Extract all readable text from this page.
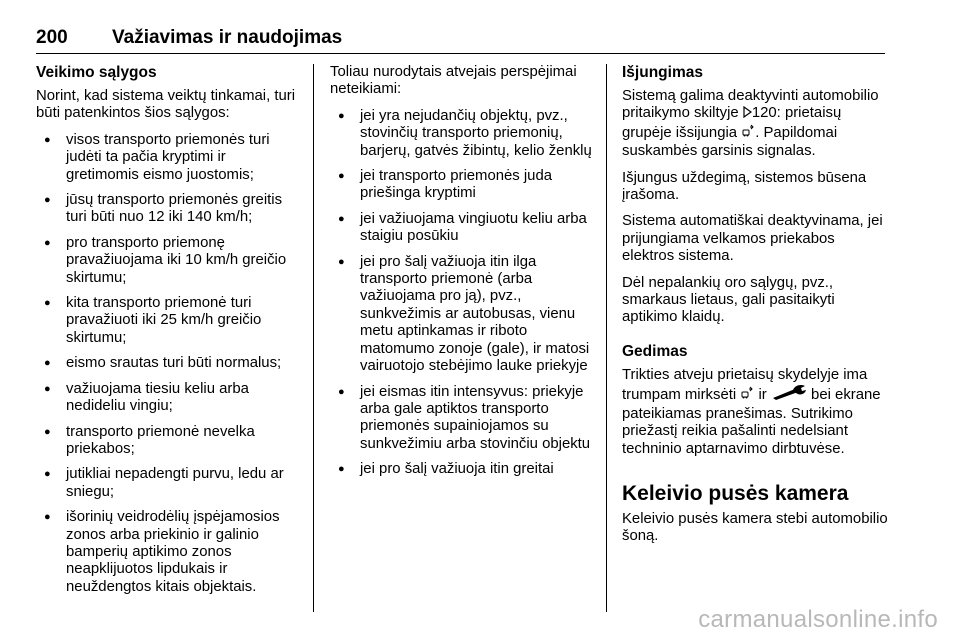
200 Važiavimas ir naudojimas
Veikimo sąlygos

Norint, kad sistema veiktų tinkamai, turi būti patenkintos šios sąlygos:

● visos transporto priemonės turi judėti ta pačia kryptimi ir gretimomis eismo juostomis;
● jūsų transporto priemonės greitis turi būti nuo 12 iki 140 km/h;
● pro transporto priemonę pravažiuojama iki 10 km/h greičio skirtumu;
● kita transporto priemonė turi pravažiuoti iki 25 km/h greičio skirtumu;
● eismo srautas turi būti normalus;
● važiuojama tiesiu keliu arba nedideliu vingiu;
● transporto priemonė nevelka priekabos;
● jutikliai nepadengti purvu, ledu ar sniegu;
● išorinių veidrodėlių įspėjamosios zonos arba priekinio ir galinio bamperių aptikimo zonos neapklijuotos lipdukais ir neuždengtos kitais objektais.

Toliau nurodytais atvejais perspėjimai neteikiami:

● jei yra nejudančių objektų, pvz., stovinčių transporto priemonių, barjerų, gatvės žibintų, kelio ženklų
● jei transporto priemonės juda priešinga kryptimi
● jei važiuojama vingiuotu keliu arba staigiu posūkiu
● jei pro šalį važiuoja itin ilga transporto priemonė (arba važiuojama pro ją), pvz., sunkvežimis ar autobusas, vienu metu aptinkamas ir riboto matomumo zonoje (gale), ir matosi vairuotojo stebėjimo lauke priekyje
● jei eismas itin intensyvus: priekyje arba gale aptiktos transporto priemonės supainiojamos su sunkvežimiu arba stovinčiu objektu
● jei pro šalį važiuoja itin greitai
Išjungimas

Sistemą galima deaktyvinti automobilio pritaikymo skiltyje 120: prietaisų grupėje išsijungia . Papildomai suskambės garsinis signalas.

Išjungus uždegimą, sistemos būsena įrašoma.

Sistema automatiškai deaktyvinama, jei prijungiama velkamos priekabos elektros sistema.

Dėl nepalankių oro sąlygų, pvz., smarkaus lietaus, gali pasitaikyti aptikimo klaidų.

Gedimas

Trikties atveju prietaisų skydelyje ima trumpam mirksėti ir	bei ekrane pateikiamas pranešimas. Sutrikimo priežastį reikia pašalinti nedelsiant techninio aptarnavimo dirbtuvėse.

Keleivio pusės kamera

Keleivio pusės kamera stebi automobilio šoną.

carmanualsonline.info
